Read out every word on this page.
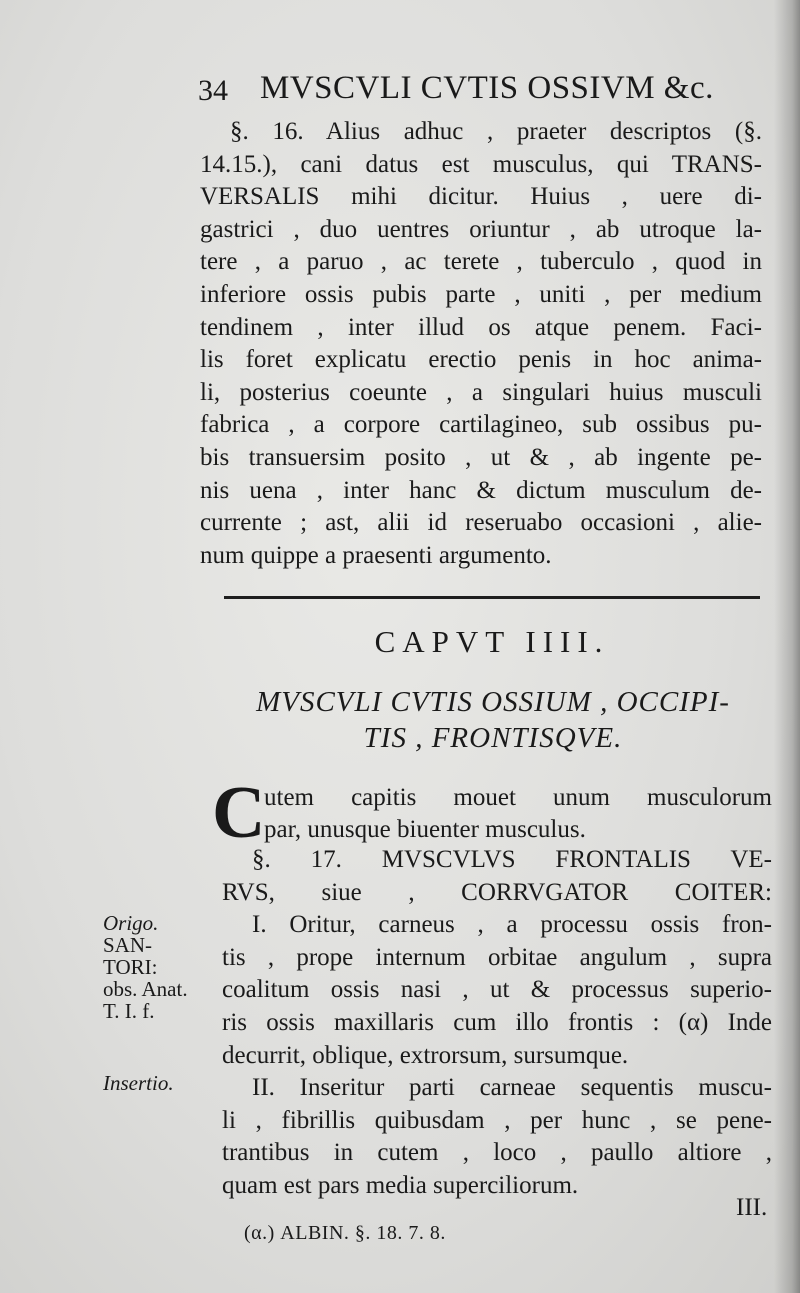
34 MVSCVLI CVTIS OSSIVM &c.
§. 16. Alius adhuc , praeter descriptos (§.
14.15.), cani datus est musculus, qui TRANS-
VERSALIS mihi dicitur. Huius , uere di-
gastrici , duo uentres oriuntur , ab utroque la-
tere , a paruo , ac terete , tuberculo , quod in
inferiore ossis pubis parte , uniti , per medium
tendinem , inter illud os atque penem. Faci-
lis foret explicatu erectio penis in hoc anima-
li, posterius coeunte , a singulari huius musculi
fabrica , a corpore cartilagineo, sub ossibus pu-
bis transuersim posito , ut & , ab ingente pe-
nis uena , inter hanc & dictum musculum de-
currente ; ast, alii id reseruabo occasioni , alie-
num quippe a praesenti argumento.
CAPVT IIII.
MVSCVLI CVTIS OSSIUM , OCCIPI-
TIS , FRONTISQVE.
C
utem capitis mouet unum musculorum
par, unusque biuenter musculus.
§. 17. MVSCVLVS FRONTALIS VE-
RVS, siue , CORRVGATOR COITER:
I. Oritur, carneus , a processu ossis fron-
tis , prope internum orbitae angulum , supra
coalitum ossis nasi , ut & processus superio-
ris ossis maxillaris cum illo frontis : (α) Inde
decurrit, oblique, extrorsum, sursumque.
II. Inseritur parti carneae sequentis muscu-
li , fibrillis quibusdam , per hunc , se pene-
trantibus in cutem , loco , paullo altiore ,
quam est pars media superciliorum.
Origo.
SAN-
TORI:
obs. Anat.
T. I. f.
Insertio.
III.
(α.) ALBIN. §. 18. 7. 8.
